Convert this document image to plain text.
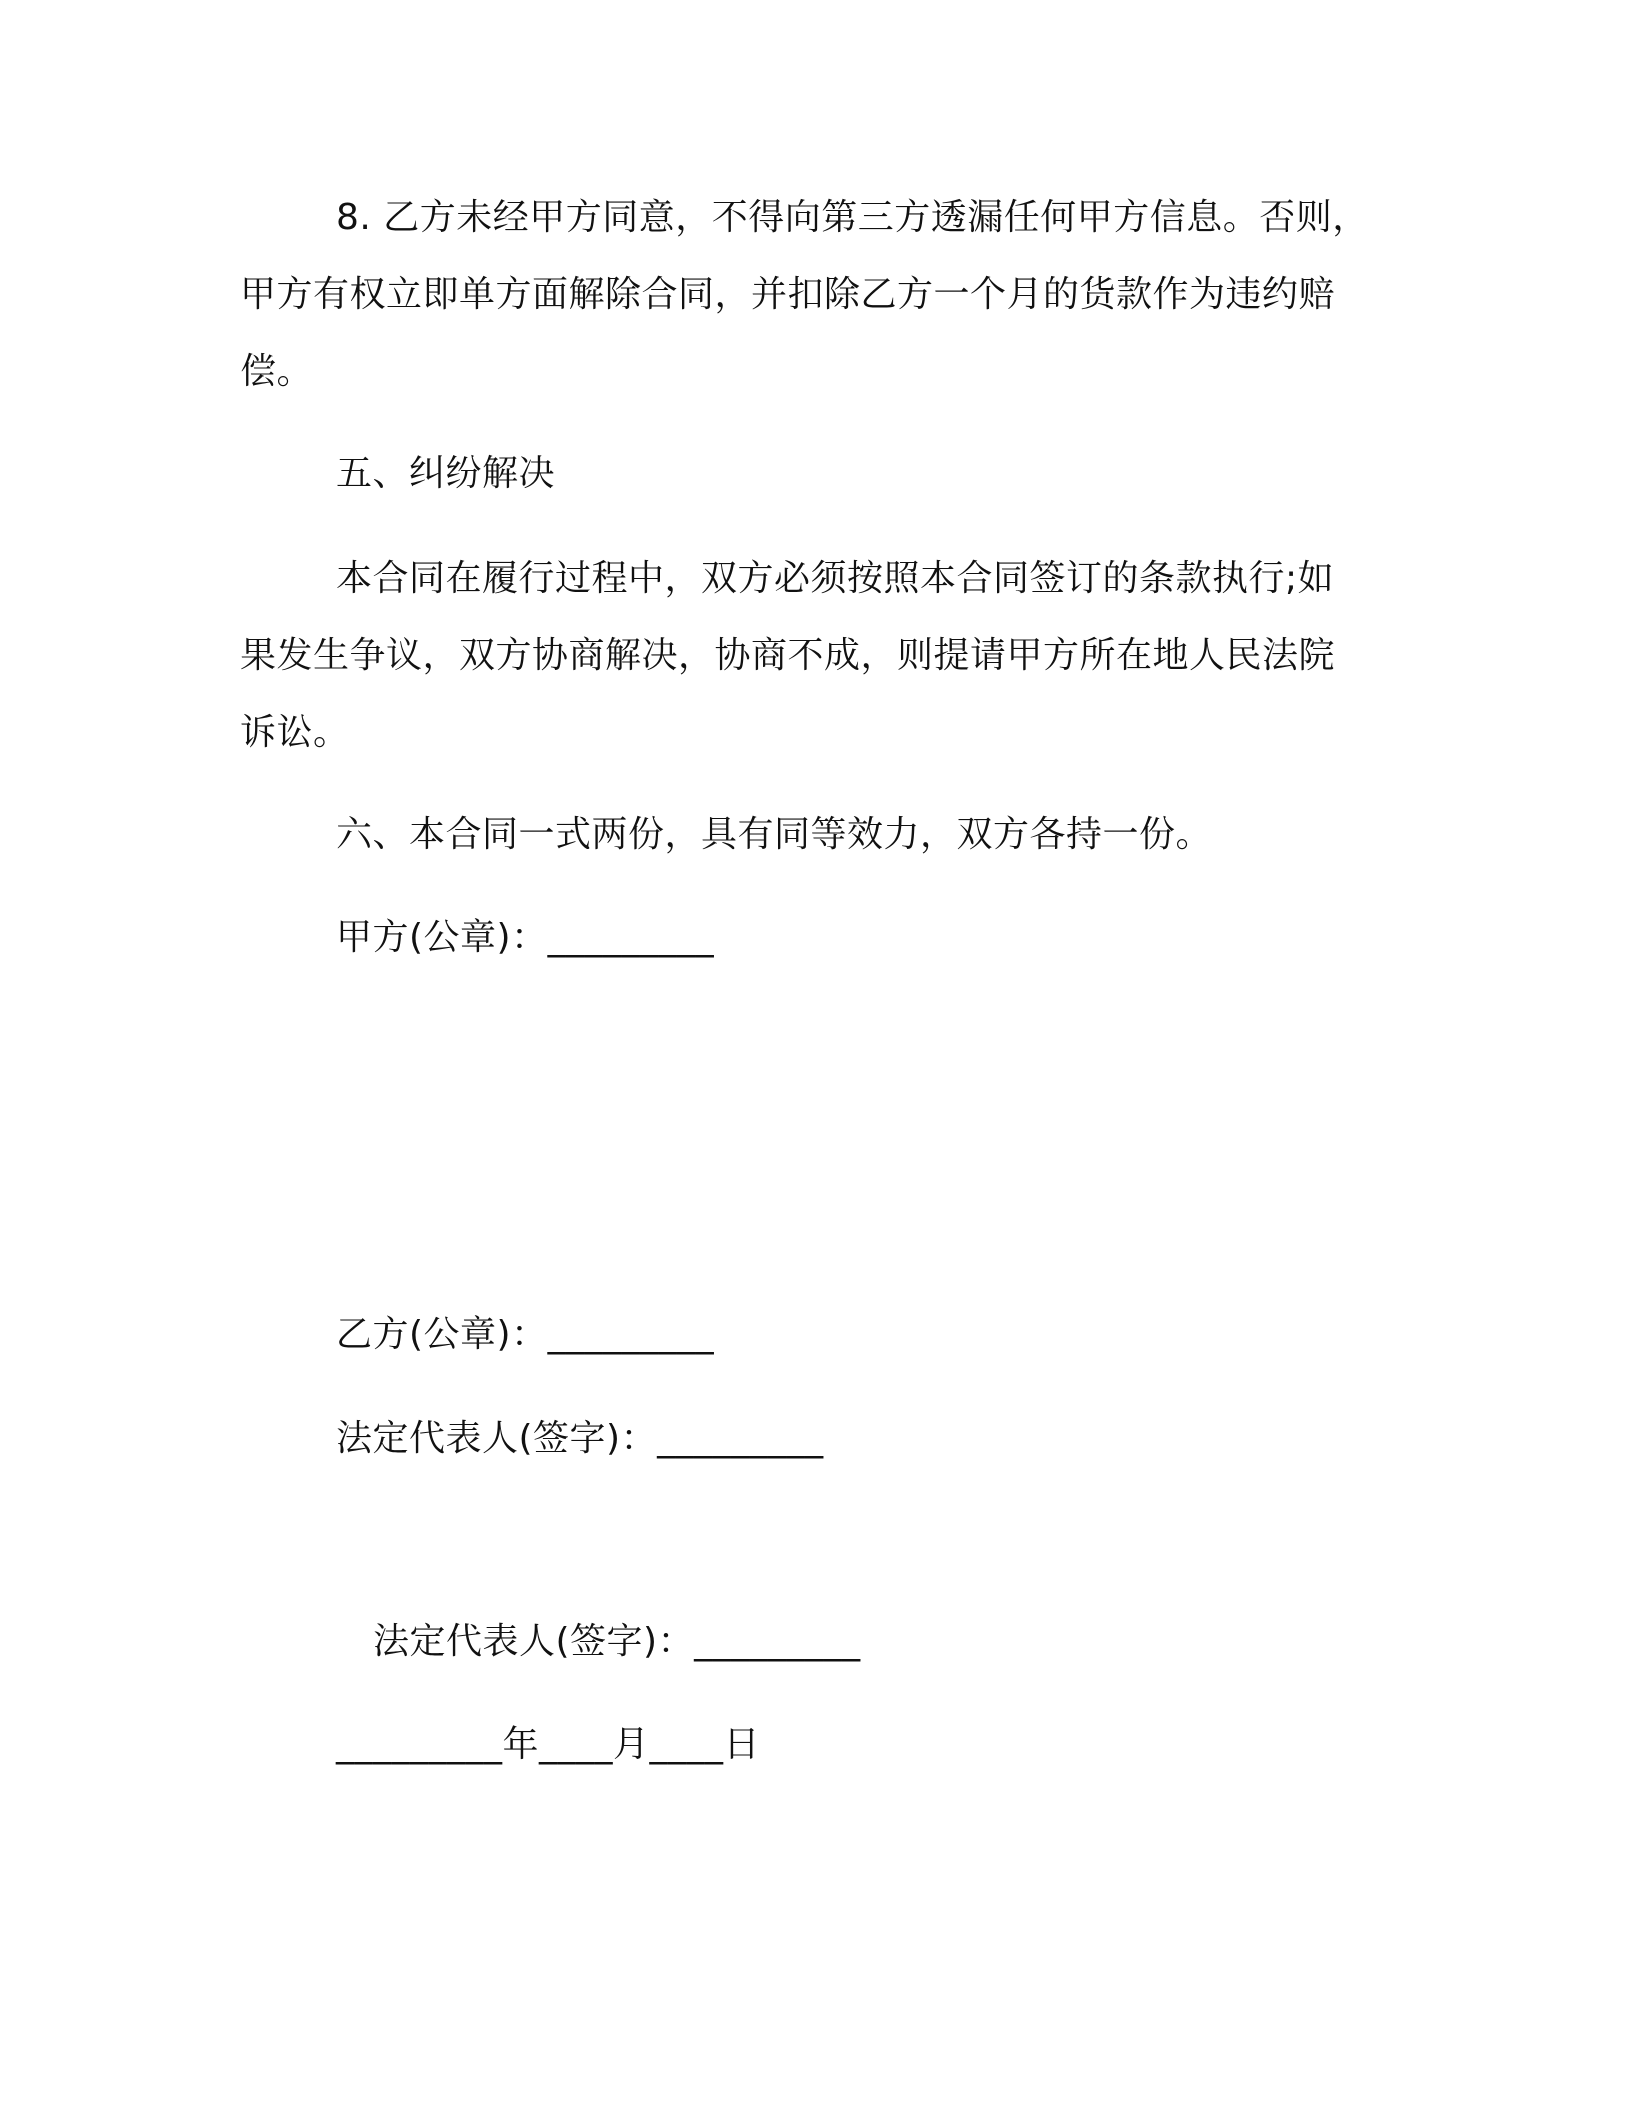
8. 乙方未经甲方同意，不得向第三方透漏任何甲方信息。否则，
甲方有权立即单方面解除合同，并扣除乙方一个月的货款作为违约赔
偿。
五、纠纷解决
本合同在履行过程中，双方必须按照本合同签订的条款执行;如
果发生争议，双方协商解决，协商不成，则提请甲方所在地人民法院
诉讼。
六、本合同一式两份，具有同等效力，双方各持一份。
甲方(公章)：_________
乙方(公章)：_________
法定代表人(签字)：_________
法定代表人(签字)：_________
_________年____月____日
